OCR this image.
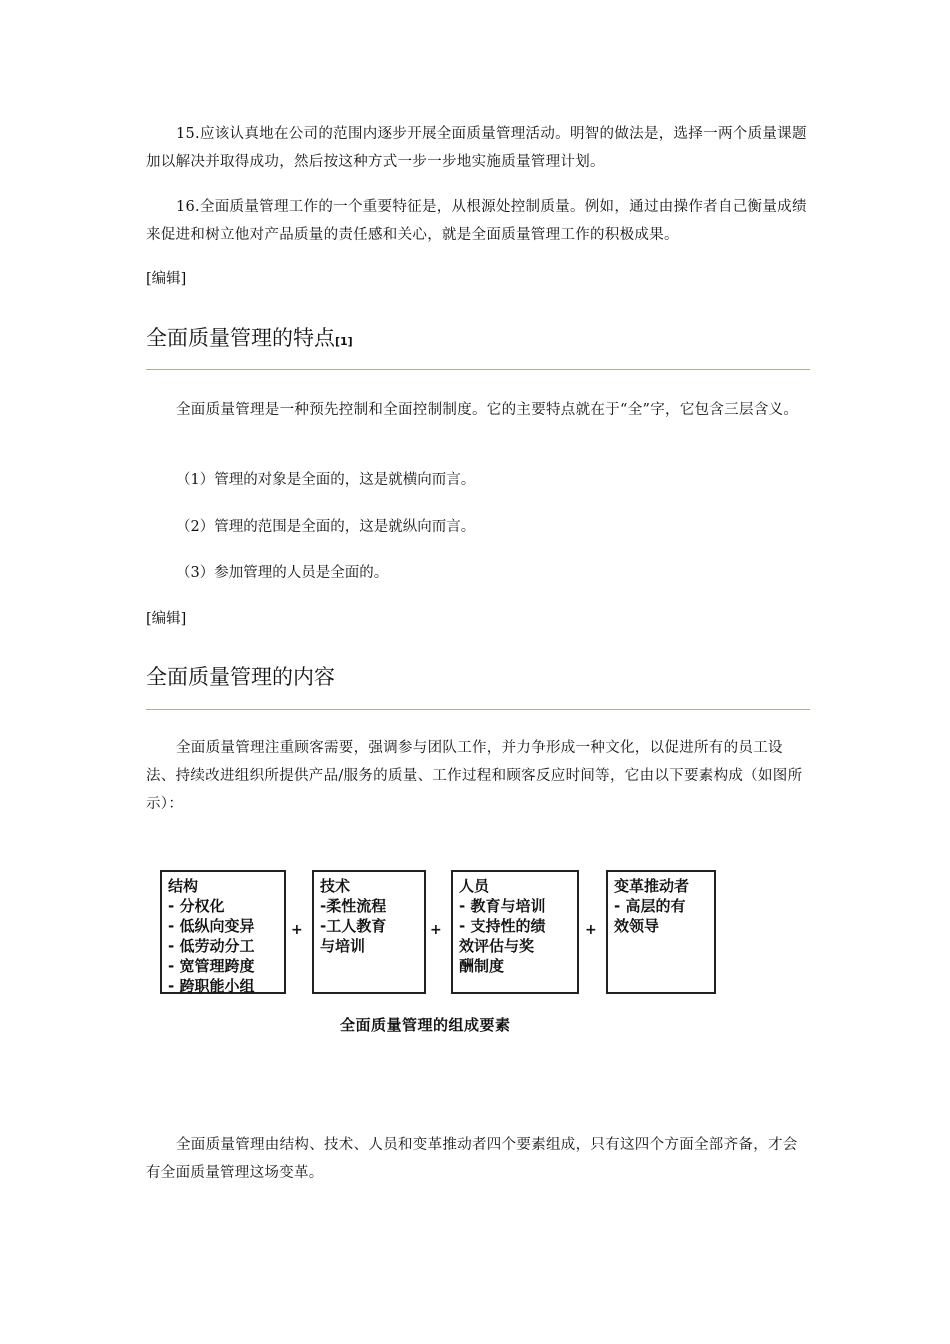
15.应该认真地在公司的范围内逐步开展全面质量管理活动。明智的做法是，选择一两个质量课题加以解决并取得成功，然后按这种方式一步一步地实施质量管理计划。

16.全面质量管理工作的一个重要特征是，从根源处控制质量。例如，通过由操作者自己衡量成绩来促进和树立他对产品质量的责任感和关心，就是全面质量管理工作的积极成果。

[编辑]
全面质量管理的特点[1]

全面质量管理是一种预先控制和全面控制制度。它的主要特点就在于“全”字，它包含三层含义。

（1）管理的对象是全面的，这是就横向而言。

（2）管理的范围是全面的，这是就纵向而言。

（3）参加管理的人员是全面的。

[编辑]
全面质量管理的内容

全面质量管理注重顾客需要，强调参与团队工作，并力争形成一种文化，以促进所有的员工设法、持续改进组织所提供产品/服务的质量、工作过程和顾客反应时间等，它由以下要素构成（如图所示）：

结构
- 分权化
- 低纵向变异
- 低劳动分工
- 宽管理跨度
- 跨职能小组
+
技术
-柔性流程
-工人教育
与培训
+
人员
- 教育与培训
- 支持性的绩
效评估与奖
酬制度
+
变革推动者
- 高层的有
效领导
全面质量管理的组成要素

全面质量管理由结构、技术、人员和变革推动者四个要素组成，只有这四个方面全部齐备，才会有全面质量管理这场变革。
